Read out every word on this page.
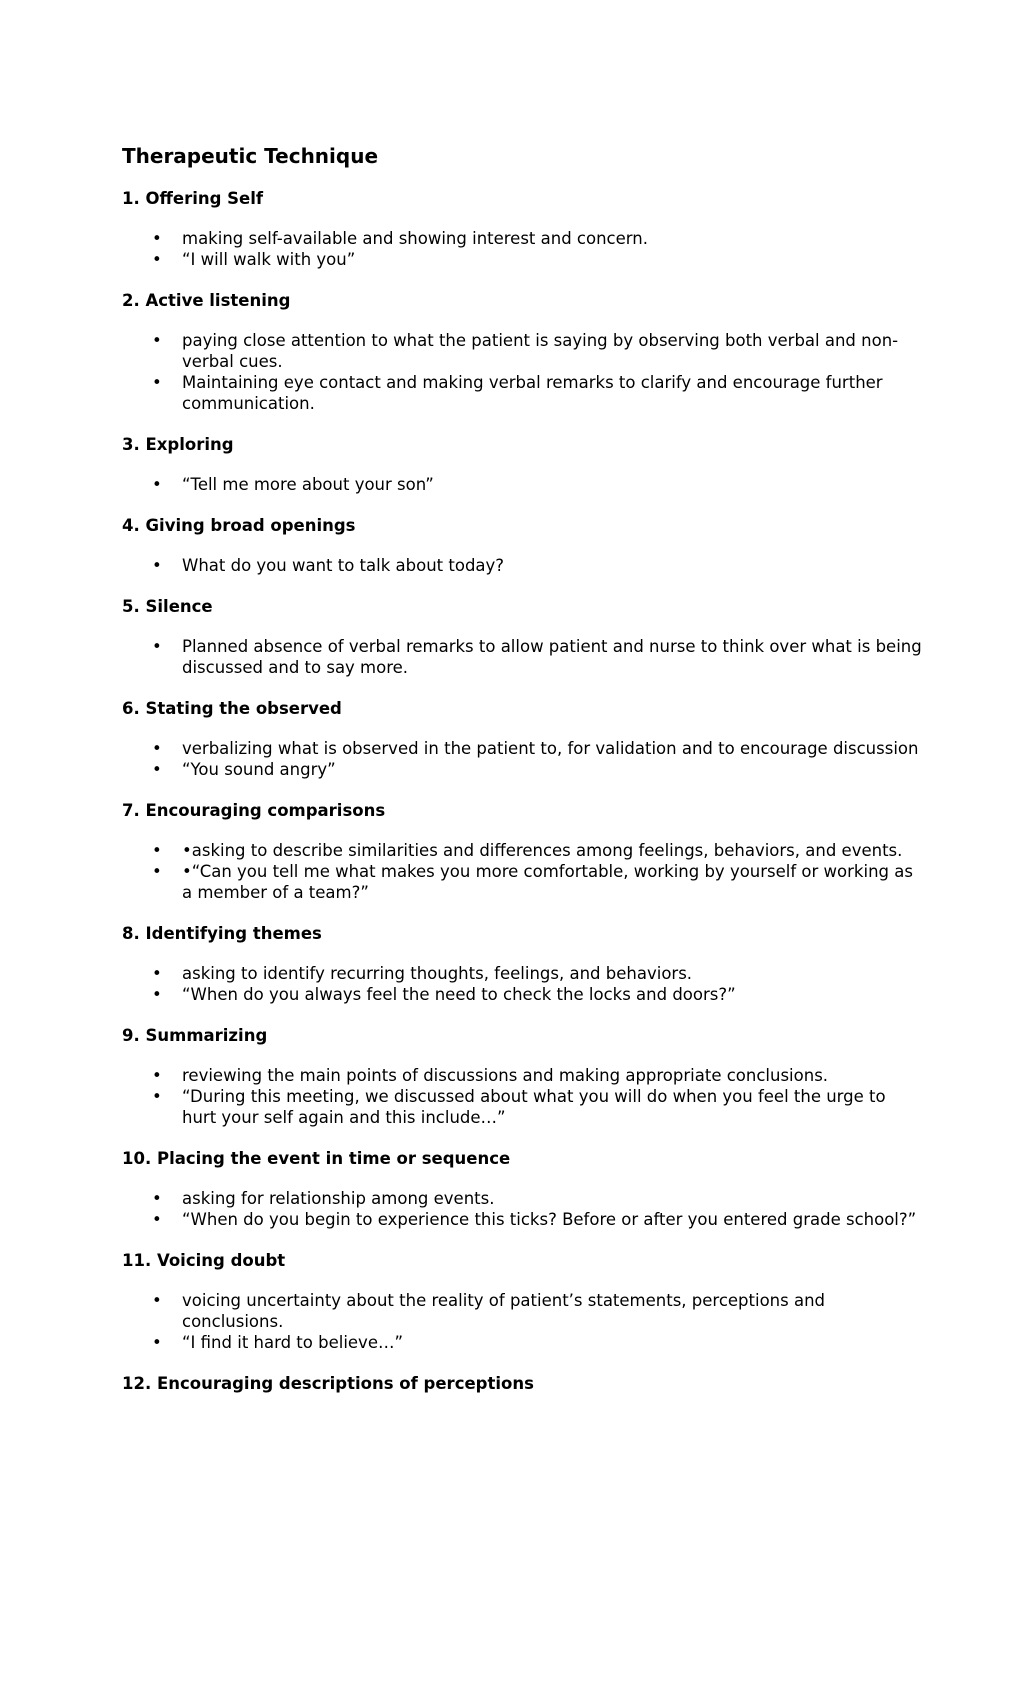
Therapeutic Technique
1. Offering Self
• making self-available and showing interest and concern.
• “I will walk with you”
2. Active listening
• paying close attention to what the patient is saying by observing both verbal and non-verbal cues.
• Maintaining eye contact and making verbal remarks to clarify and encourage further communication.
3. Exploring
• “Tell me more about your son”
4. Giving broad openings
• What do you want to talk about today?
5. Silence
• Planned absence of verbal remarks to allow patient and nurse to think over what is being discussed and to say more.
6. Stating the observed
• verbalizing what is observed in the patient to, for validation and to encourage discussion
• “You sound angry”
7. Encouraging comparisons
• •asking to describe similarities and differences among feelings, behaviors, and events.
• •“Can you tell me what makes you more comfortable, working by yourself or working as a member of a team?”
8. Identifying themes
• asking to identify recurring thoughts, feelings, and behaviors.
• “When do you always feel the need to check the locks and doors?”
9. Summarizing
• reviewing the main points of discussions and making appropriate conclusions.
• “During this meeting, we discussed about what you will do when you feel the urge to hurt your self again and this include…”
10. Placing the event in time or sequence
• asking for relationship among events.
• “When do you begin to experience this ticks? Before or after you entered grade school?”
11. Voicing doubt
• voicing uncertainty about the reality of patient’s statements, perceptions and conclusions.
• “I find it hard to believe…”
12. Encouraging descriptions of perceptions
